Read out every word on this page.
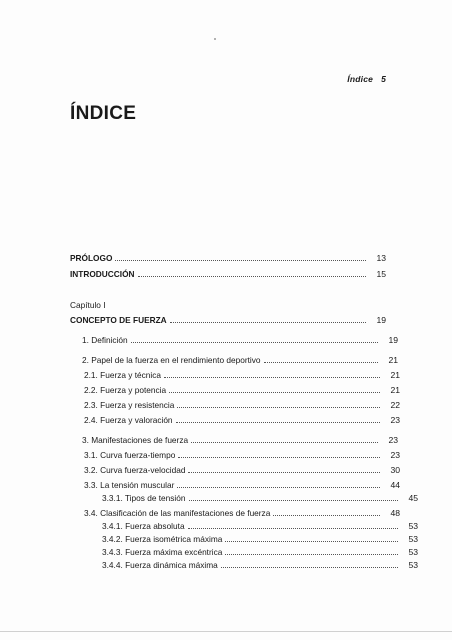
Índice 5
ÍNDICE
PRÓLOGO	13
INTRODUCCIÓN	15
Capítulo I
CONCEPTO DE FUERZA	19
1. Definición	19
2. Papel de la fuerza en el rendimiento deportivo	21
2.1. Fuerza y técnica	21
2.2. Fuerza y potencia	21
2.3. Fuerza y resistencia	22
2.4. Fuerza y valoración	23
3. Manifestaciones de fuerza	23
3.1. Curva fuerza-tiempo	23
3.2. Curva fuerza-velocidad	30
3.3. La tensión muscular	44
3.3.1. Tipos de tensión	45
3.4. Clasificación de las manifestaciones de fuerza	48
3.4.1. Fuerza absoluta	53
3.4.2. Fuerza isométrica máxima	53
3.4.3. Fuerza máxima excéntrica	53
3.4.4. Fuerza dinámica máxima	53
